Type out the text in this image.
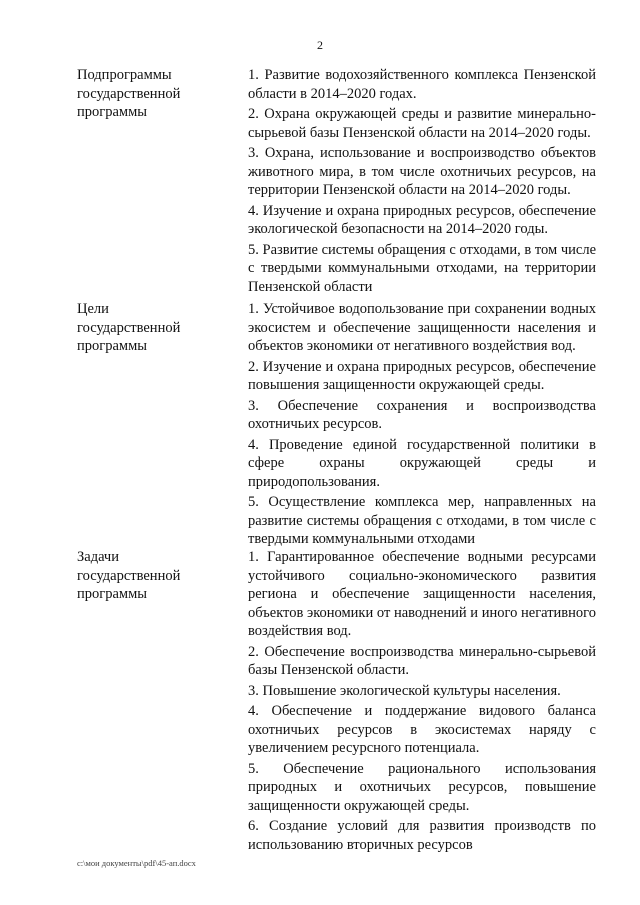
2
Подпрограммы
государственной
программы

1. Развитие водохозяйственного комплекса Пензенской области в 2014–2020 годах.

2. Охрана окружающей среды и развитие минерально-сырьевой базы Пензенской области на 2014–2020 годы.

3. Охрана, использование и воспроизводство объектов животного мира, в том числе охотничьих ресурсов, на территории Пензенской области на 2014–2020 годы.

4. Изучение и охрана природных ресурсов, обеспечение экологической безопасности на 2014–2020 годы.

5. Развитие системы обращения с отходами, в том числе с твердыми коммунальными отходами, на территории Пензенской области

Цели
государственной
программы

1. Устойчивое водопользование при сохранении водных экосистем и обеспечение защищенности населения и объектов экономики от негативного воздействия вод.

2. Изучение и охрана природных ресурсов, обеспечение повышения защищенности окружающей среды.

3. Обеспечение сохранения и воспроизводства охотничьих ресурсов.

4. Проведение единой государственной политики в сфере охраны окружающей среды и природопользования.

5. Осуществление комплекса мер, направленных на развитие системы обращения с отходами, в том числе с твердыми коммунальными отходами

Задачи
государственной
программы

1. Гарантированное обеспечение водными ресурсами устойчивого социально-экономического развития региона и обеспечение защищенности населения, объектов экономики от наводнений и иного негативного воздействия вод.

2. Обеспечение воспроизводства минерально-сырьевой базы Пензенской области.

3. Повышение экологической культуры населения.

4. Обеспечение и поддержание видового баланса охотничьих ресурсов в экосистемах наряду с увеличением ресурсного потенциала.

5. Обеспечение рационального использования природных и охотничьих ресурсов, повышение защищенности окружающей среды.

6. Создание условий для развития производств по использованию вторичных ресурсов

c:\мои документы\pdf\45-ап.docx
